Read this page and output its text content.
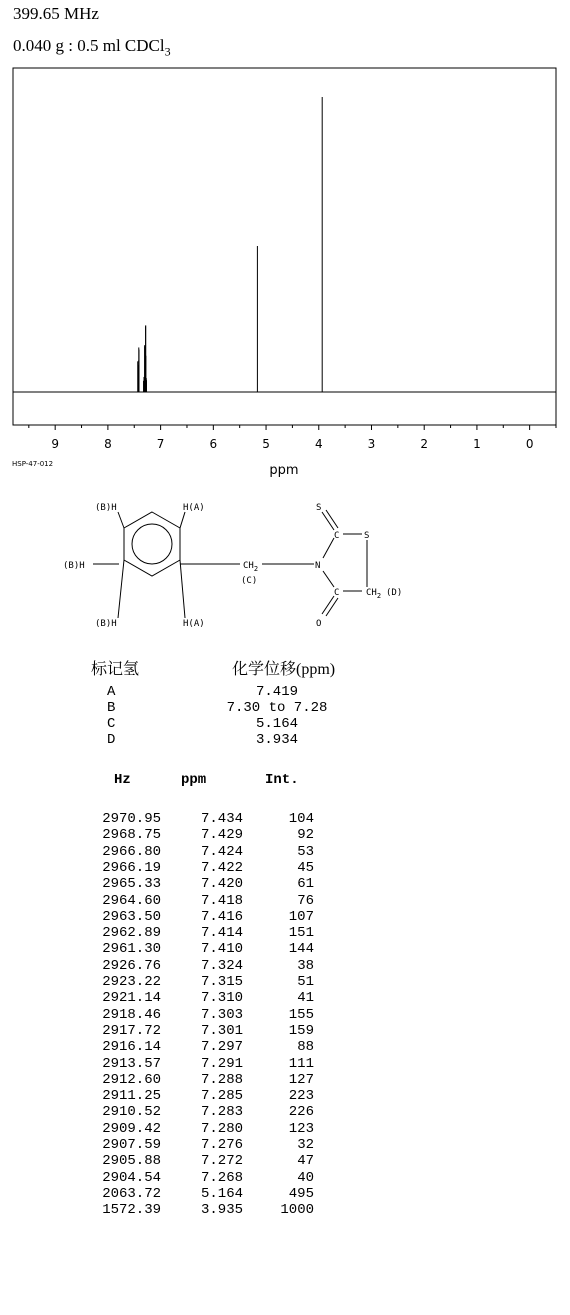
399.65 MHz
0.040 g : 0.5 ml CDCl$_3$
9	8	7	6	5	4	3	2	1	0
ppm
HSP-47-012
(B)H	H(A)
(B)H
(B)H	H(A)
$CH_2$
(C)
N
S
S
C
C
O
$CH_2$ (D)
标记氢	化学位移(ppm)
A	7.419
B	7.30 to 7.28
C	5.164
D	3.934
Hz	ppm	Int.
2970.95	7.434	104
2968.75	7.429	92
2966.80	7.424	53
2966.19	7.422	45
2965.33	7.420	61
2964.60	7.418	76
2963.50	7.416	107
2962.89	7.414	151
2961.30	7.410	144
2926.76	7.324	38
2923.22	7.315	51
2921.14	7.310	41
2918.46	7.303	155
2917.72	7.301	159
2916.14	7.297	88
2913.57	7.291	111
2912.60	7.288	127
2911.25	7.285	223
2910.52	7.283	226
2909.42	7.280	123
2907.59	7.276	32
2905.88	7.272	47
2904.54	7.268	40
2063.72	5.164	495
1572.39	3.935	1000
